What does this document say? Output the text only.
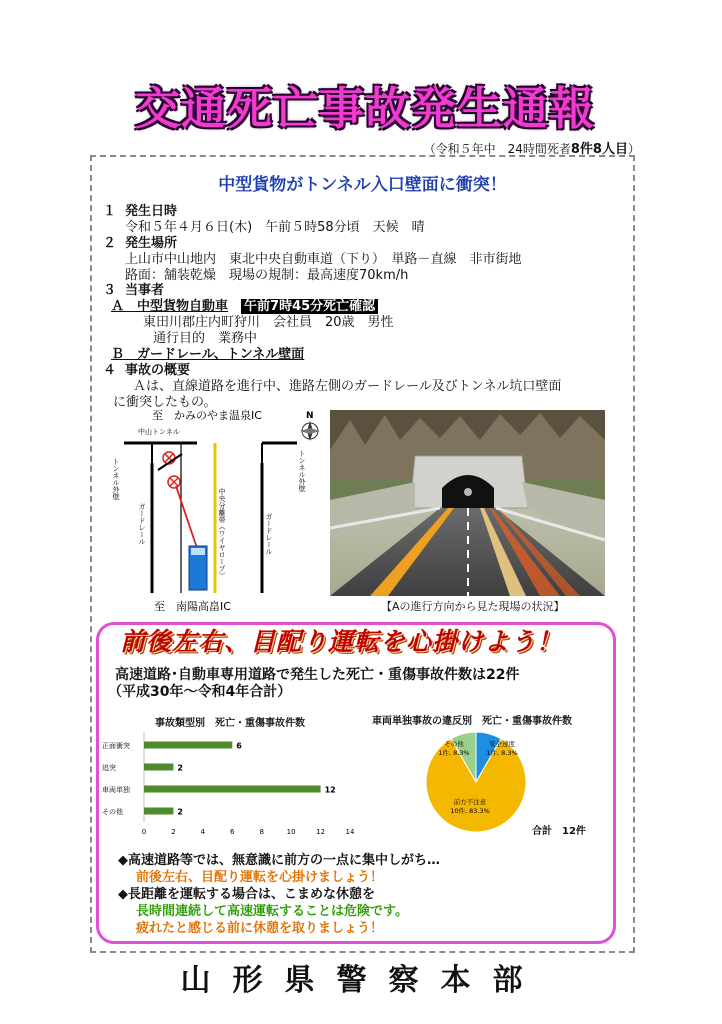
交通死亡事故発生通報
（令和５年中　24時間死者8件8人目）
中型貨物がトンネル入口壁面に衝突！
１ 発生日時
令和５年４月６日(木)　午前５時58分頃　天候　晴
２ 発生場所
上山市中山地内　東北中央自動車道（下り）　単路－直線　非市街地
路面：舗装乾燥　現場の規制：最高速度70km/h
３ 当事者
Ａ　中型貨物自動車　 午前7時45分死亡確認
東田川郡庄内町狩川　会社員　20歳　男性
通行目的　業務中
Ｂ　ガードレール、トンネル壁面
４ 事故の概要
Ａは、直線道路を進行中、進路左側のガードレール及びトンネル坑口壁面
に衝突したもの。
至　かみのやま温泉IC
中山トンネル
N
トンネル外壁	トンネル外壁
ガードレール	ガードレール
中央分離帯（ワイヤロープ）
至　南陽高畠IC	【Aの進行方向から見た現場の状況】
前後左右、目配り運転を心掛けよう！
高速道路･自動車専用道路で発生した死亡・重傷事故件数は22件
（平成30年～令和4年合計）
事故類型別　死亡・重傷事故件数
0	2	4	6	8	10	12	14
正面衝突	6
追突	2
車両単独	12
その他	2
車両単独事故の違反別　死亡・重傷事故件数
その他
1件, 8.3%
安全速度
1件, 8.3%
前方不注意
10件, 83.3%
合計　12件
◆高速道路等では、無意識に前方の一点に集中しがち…
前後左右、目配り運転を心掛けましょう！
◆長距離を運転する場合は、こまめな休憩を
長時間連続して高速運転することは危険です。
疲れたと感じる前に休憩を取りましょう！
山形県警察本部
